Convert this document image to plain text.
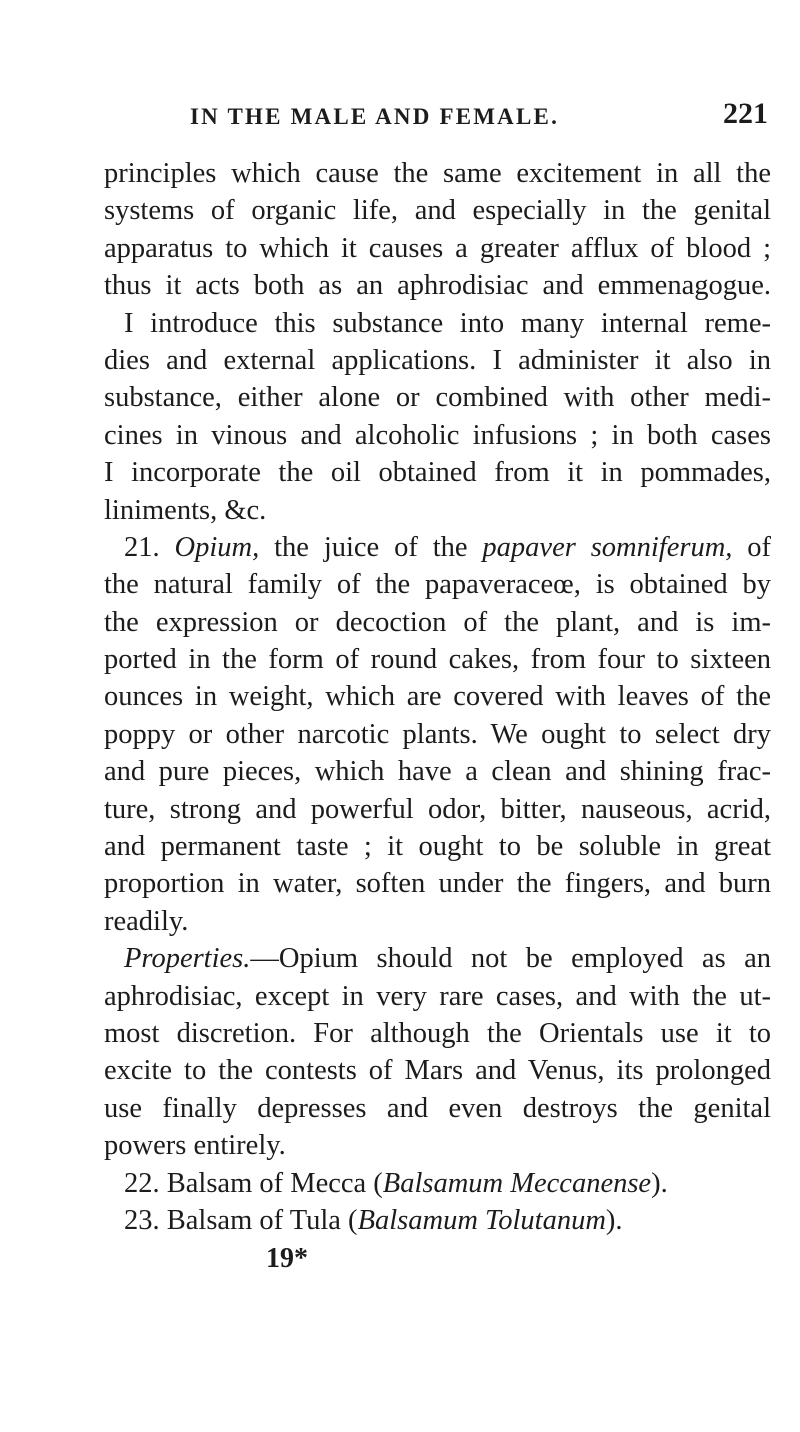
IN THE MALE AND FEMALE.	221
principles which cause the same excitement in all the
systems of organic life, and especially in the genital
apparatus to which it causes a greater afflux of blood ;
thus it acts both as an aphrodisiac and emmenagogue.
I introduce this substance into many internal reme-
dies and external applications. I administer it also in
substance, either alone or combined with other medi-
cines in vinous and alcoholic infusions ; in both cases
I incorporate the oil obtained from it in pommades,
liniments, &c.
21. Opium, the juice of the papaver somniferum, of
the natural family of the papaveraceœ, is obtained by
the expression or decoction of the plant, and is im-
ported in the form of round cakes, from four to sixteen
ounces in weight, which are covered with leaves of the
poppy or other narcotic plants. We ought to select dry
and pure pieces, which have a clean and shining frac-
ture, strong and powerful odor, bitter, nauseous, acrid,
and permanent taste ; it ought to be soluble in great
proportion in water, soften under the fingers, and burn
readily.
Properties.—Opium should not be employed as an
aphrodisiac, except in very rare cases, and with the ut-
most discretion. For although the Orientals use it to
excite to the contests of Mars and Venus, its prolonged
use finally depresses and even destroys the genital
powers entirely.
22. Balsam of Mecca (Balsamum Meccanense).
23. Balsam of Tula (Balsamum Tolutanum).
19*
